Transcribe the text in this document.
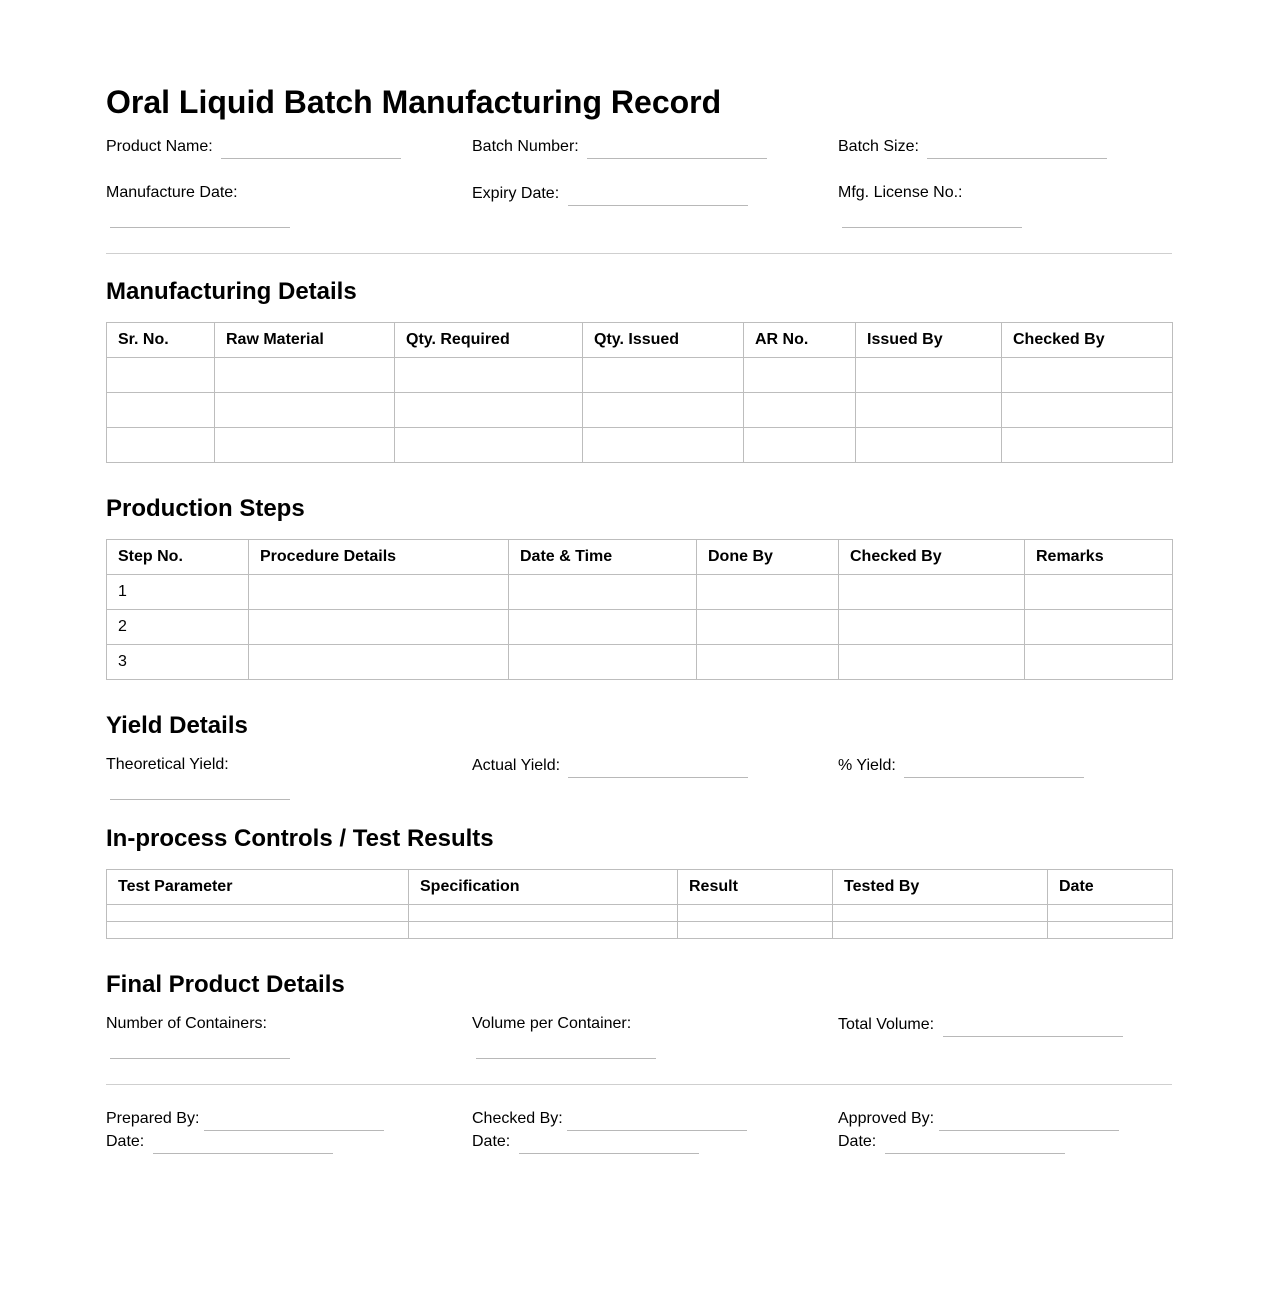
Oral Liquid Batch Manufacturing Record
Product Name:	Batch Number:	Batch Size:
Manufacture Date:	Expiry Date:	Mfg. License No.:
Manufacturing Details
Sr. No.	Raw Material	Qty. Required	Qty. Issued	AR No.	Issued By	Checked By

Production Steps
Step No.	Procedure Details	Date & Time	Done By	Checked By	Remarks
1					
2					
3					
Yield Details
Theoretical Yield:	Actual Yield:	% Yield:
In-process Controls / Test Results
Test Parameter	Specification	Result	Tested By	Date

Final Product Details
Number of Containers:	Volume per Container:	Total Volume:
Prepared By:
Date:
Checked By:
Date:
Approved By:
Date:
